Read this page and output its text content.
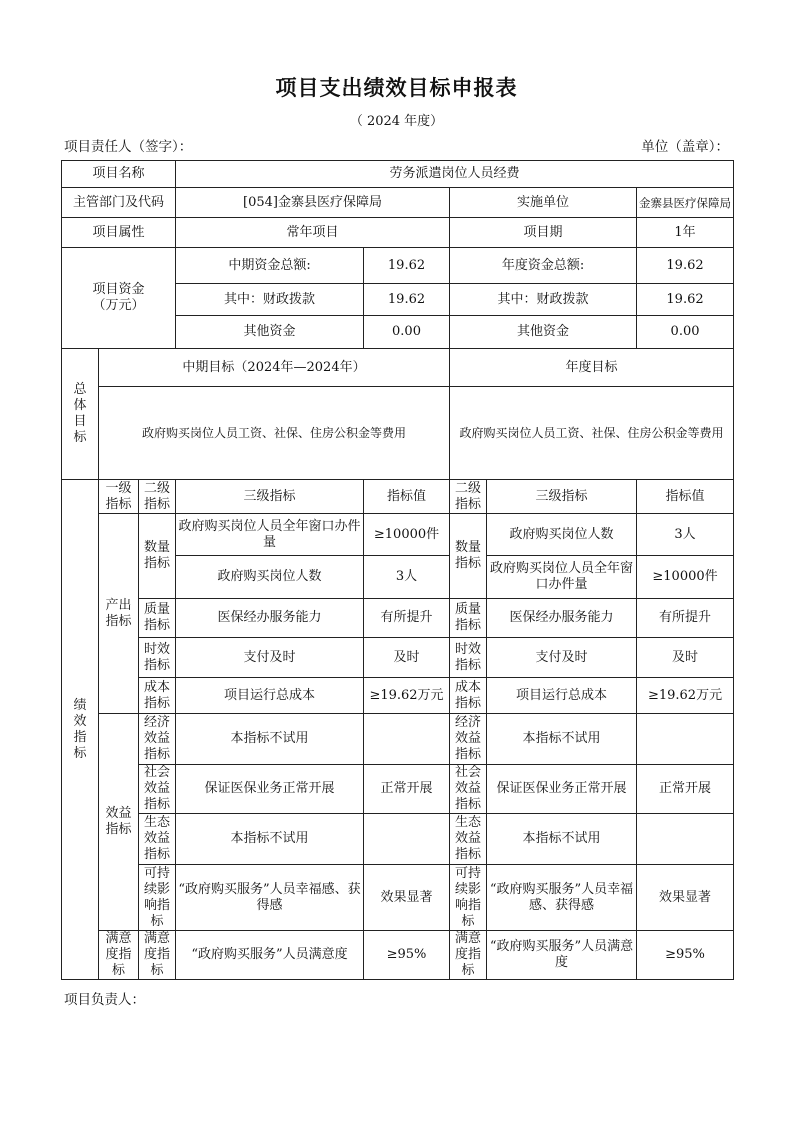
项目支出绩效目标申报表
（ 2024 年度）
项目责任人（签字）：	单位（盖章）：
项目名称			劳务派遣岗位人员经费				
主管部门及代码			[054]金寨县医疗保障局		实施单位		金寨县医疗保障局
项目属性			常年项目		项目期		1年
项目资金（万元）			中期资金总额:	19.62	年度资金总额:		19.62
			其中：财政拨款	19.62	其中：财政拨款		19.62
			其他资金	0.00	其他资金		0.00
总体目标	中期目标（2024年—2024年）				年度目标		
	政府购买岗位人员工资、社保、住房公积金等费用				政府购买岗位人员工资、社保、住房公积金等费用		
绩效指标	一级指标	二级指标	三级指标	指标值	二级指标	三级指标	指标值
	产出指标	数量指标	政府购买岗位人员全年窗口办件量	≥10000件	数量指标	政府购买岗位人数	3人
			政府购买岗位人数	3人		政府购买岗位人员全年窗口办件量	≥10000件
		质量指标	医保经办服务能力	有所提升	质量指标	医保经办服务能力	有所提升
		时效指标	支付及时	及时	时效指标	支付及时	及时
		成本指标	项目运行总成本	≥19.62万元	成本指标	项目运行总成本	≥19.62万元
	效益指标	经济效益指标	本指标不试用		经济效益指标	本指标不试用	
		社会效益指标	保证医保业务正常开展	正常开展	社会效益指标	保证医保业务正常开展	正常开展
		生态效益指标	本指标不试用		生态效益指标	本指标不试用	
		可持续影响指标	“政府购买服务”人员幸福感、获得感	效果显著	可持续影响指标	“政府购买服务”人员幸福感、获得感	效果显著
	满意度指标	满意度指标	“政府购买服务”人员满意度	≥95%	满意度指标	“政府购买服务”人员满意度	≥95%
项目负责人：
